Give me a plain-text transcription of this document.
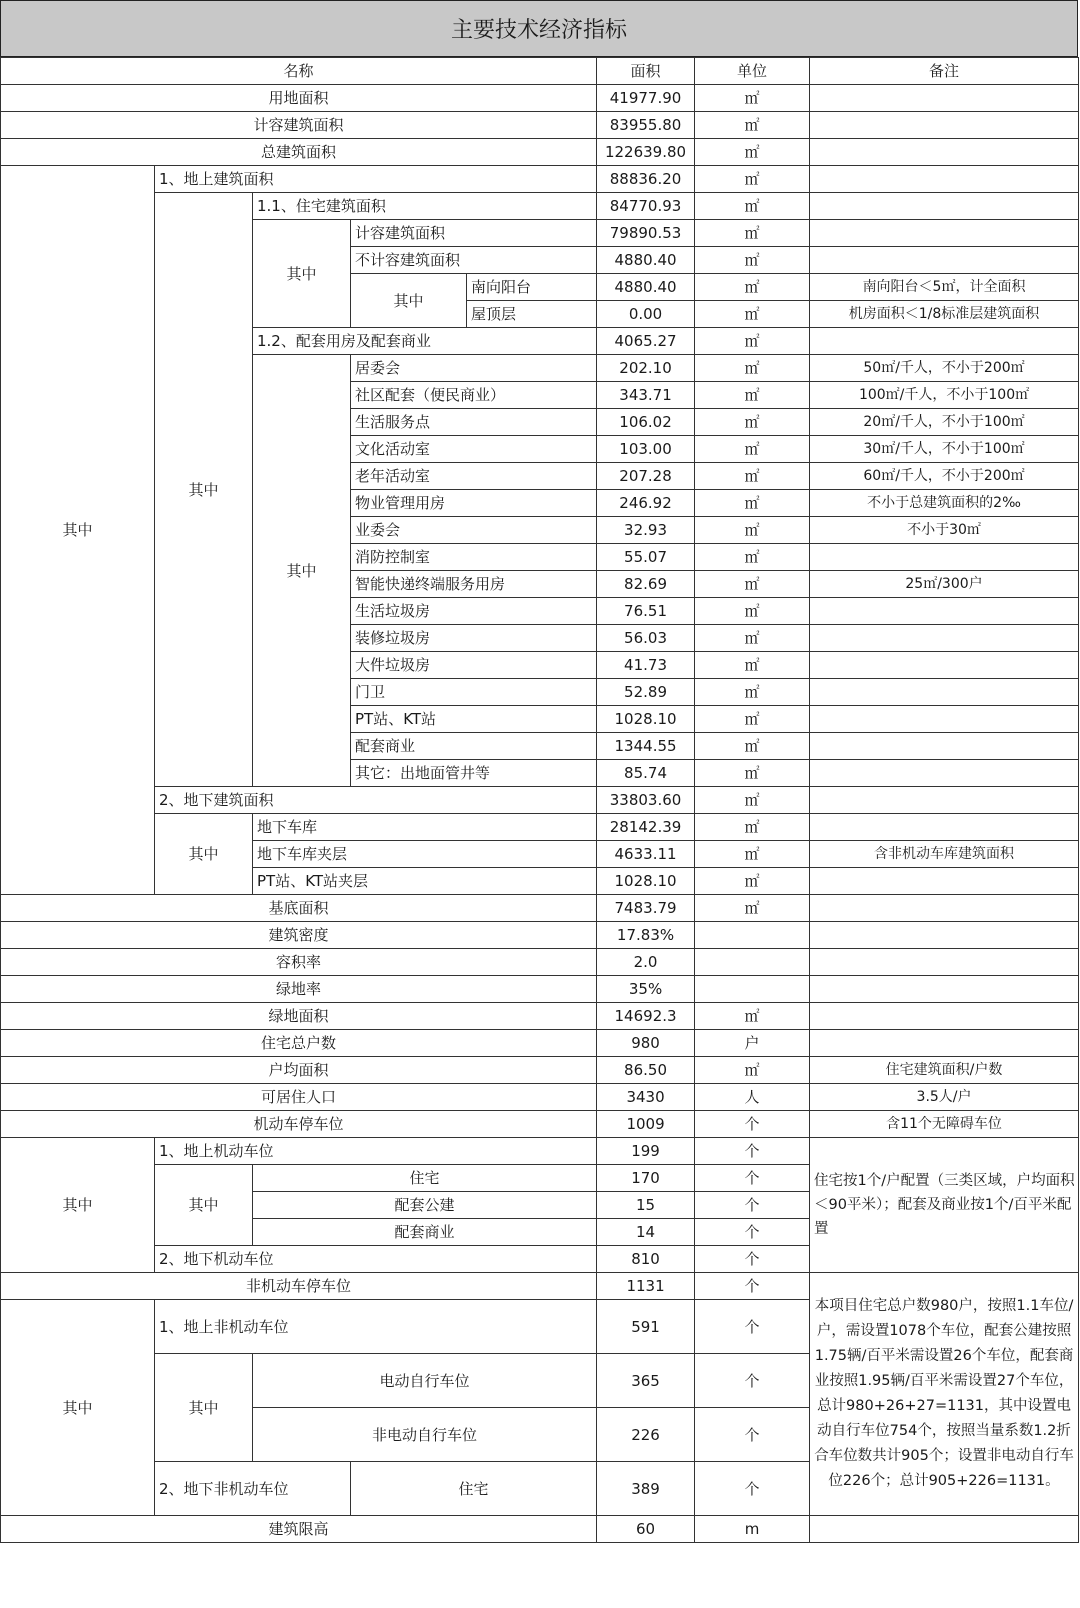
主要技术经济指标
名称					面积	单位	备注
用地面积					41977.90	㎡	
计容建筑面积					83955.80	㎡	
总建筑面积					122639.80	㎡	
其中	1、地上建筑面积				88836.20	㎡	
	其中	1.1、住宅建筑面积			84770.93	㎡	
		其中	计容建筑面积		79890.53	㎡	
			不计容建筑面积		4880.40	㎡	
			其中	南向阳台	4880.40	㎡	南向阳台＜5㎡，计全面积
				屋顶层	0.00	㎡	机房面积＜1/8标准层建筑面积
		1.2、配套用房及配套商业			4065.27	㎡	
		其中	居委会		202.10	㎡	50㎡/千人，不小于200㎡
			社区配套（便民商业）		343.71	㎡	100㎡/千人，不小于100㎡
			生活服务点		106.02	㎡	20㎡/千人，不小于100㎡
			文化活动室		103.00	㎡	30㎡/千人，不小于100㎡
			老年活动室		207.28	㎡	60㎡/千人，不小于200㎡
			物业管理用房		246.92	㎡	不小于总建筑面积的2‰
			业委会		32.93	㎡	不小于30㎡
			消防控制室		55.07	㎡	
			智能快递终端服务用房		82.69	㎡	25㎡/300户
			生活垃圾房		76.51	㎡	
			装修垃圾房		56.03	㎡	
			大件垃圾房		41.73	㎡	
			门卫		52.89	㎡	
			PT站、KT站		1028.10	㎡	
			配套商业		1344.55	㎡	
			其它：出地面管井等		85.74	㎡	
	2、地下建筑面积				33803.60	㎡	
	其中	地下车库			28142.39	㎡	
		地下车库夹层			4633.11	㎡	含非机动车库建筑面积
		PT站、KT站夹层			1028.10	㎡	
基底面积					7483.79	㎡	
建筑密度					17.83%		
容积率					2.0		
绿地率					35%		
绿地面积					14692.3	㎡	
住宅总户数					980	户	
户均面积					86.50	㎡	住宅建筑面积/户数
可居住人口					3430	人	3.5人/户
机动车停车位					1009	个	含11个无障碍车位
其中	1、地上机动车位				199	个	住宅按1个/户配置（三类区域，户均面积＜90平米）；配套及商业按1个/百平米配置
	其中	住宅			170	个	
		配套公建			15	个	
		配套商业			14	个	
	2、地下机动车位				810	个	
非机动车停车位					1131	个	本项目住宅总户数980户，按照1.1车位/户，需设置1078个车位，配套公建按照1.75辆/百平米需设置26个车位，配套商业按照1.95辆/百平米需设置27个车位，总计980+26+27=1131，其中设置电动自行车位754个，按照当量系数1.2折合车位数共计905个；设置非电动自行车位226个；总计905+226=1131。
其中	1、地上非机动车位				591	个	
	其中	电动自行车位			365	个	
		非电动自行车位			226	个	
	2、地下非机动车位		住宅		389	个	
建筑限高					60	m	
